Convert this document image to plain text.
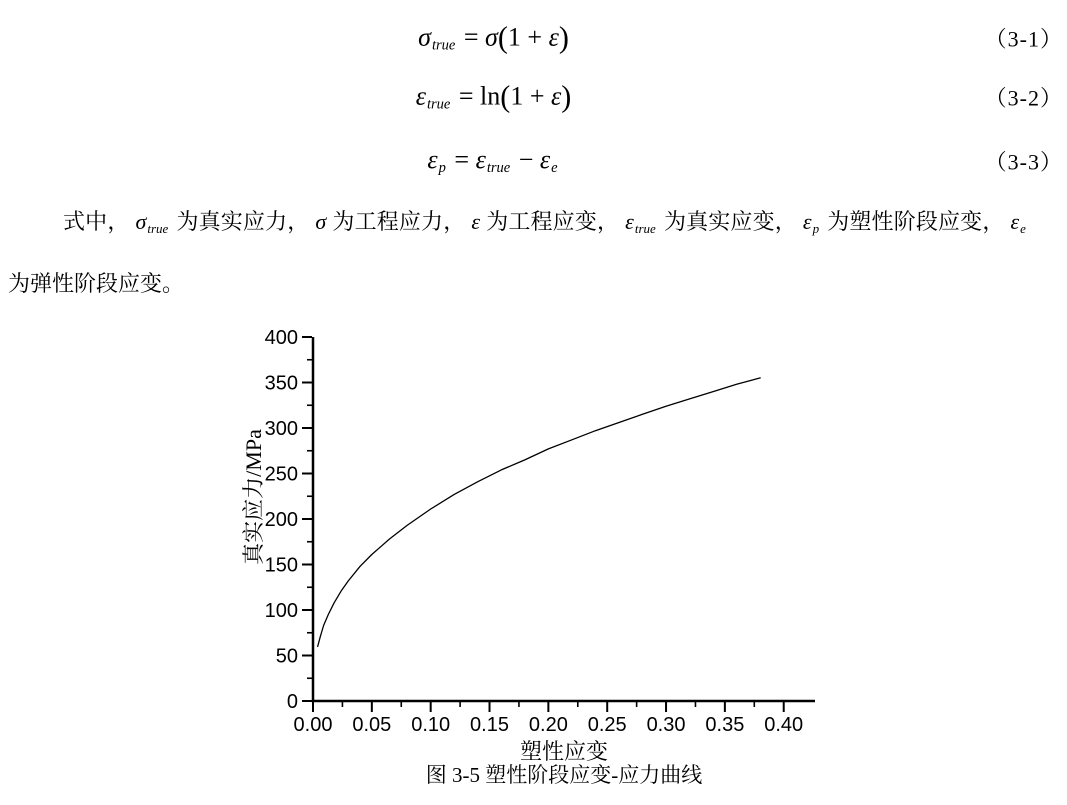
σtrue = σ(1 + ε)	（3-1）
εtrue = ln(1 + ε)	（3-2）
εp = εtrue − εe	（3-3）

式中， σtrue 为真实应力， σ 为工程应力， ε 为工程应变， εtrue 为真实应变， εp 为塑性阶段应变， εe为弹性阶段应变。

0.00 0.05 0.10 0.15 0.20 0.25 0.30 0.35 0.40
0
50
100
150
200
250
300
350
400
塑性应变
真实应力/MPa
图 3-5 塑性阶段应变-应力曲线
